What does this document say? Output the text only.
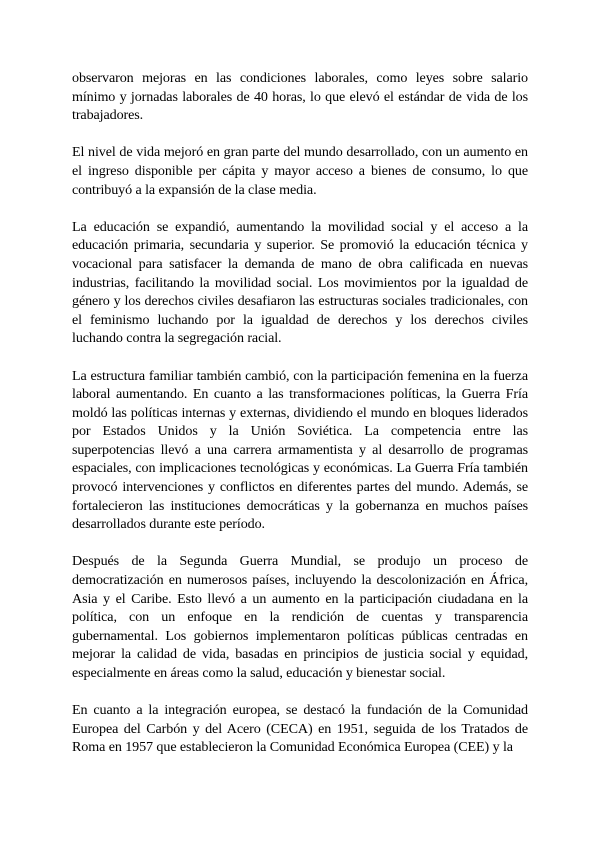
observaron mejoras en las condiciones laborales, como leyes sobre salario mínimo y jornadas laborales de 40 horas, lo que elevó el estándar de vida de los trabajadores.

El nivel de vida mejoró en gran parte del mundo desarrollado, con un aumento en el ingreso disponible per cápita y mayor acceso a bienes de consumo, lo que contribuyó a la expansión de la clase media.

La educación se expandió, aumentando la movilidad social y el acceso a la educación primaria, secundaria y superior. Se promovió la educación técnica y vocacional para satisfacer la demanda de mano de obra calificada en nuevas industrias, facilitando la movilidad social. Los movimientos por la igualdad de género y los derechos civiles desafiaron las estructuras sociales tradicionales, con el feminismo luchando por la igualdad de derechos y los derechos civiles luchando contra la segregación racial.

La estructura familiar también cambió, con la participación femenina en la fuerza laboral aumentando. En cuanto a las transformaciones políticas, la Guerra Fría moldó las políticas internas y externas, dividiendo el mundo en bloques liderados por Estados Unidos y la Unión Soviética. La competencia entre las superpotencias llevó a una carrera armamentista y al desarrollo de programas espaciales, con implicaciones tecnológicas y económicas. La Guerra Fría también provocó intervenciones y conflictos en diferentes partes del mundo. Además, se fortalecieron las instituciones democráticas y la gobernanza en muchos países desarrollados durante este período.

Después de la Segunda Guerra Mundial, se produjo un proceso de democratización en numerosos países, incluyendo la descolonización en África, Asia y el Caribe. Esto llevó a un aumento en la participación ciudadana en la política, con un enfoque en la rendición de cuentas y transparencia gubernamental. Los gobiernos implementaron políticas públicas centradas en mejorar la calidad de vida, basadas en principios de justicia social y equidad, especialmente en áreas como la salud, educación y bienestar social.

En cuanto a la integración europea, se destacó la fundación de la Comunidad Europea del Carbón y del Acero (CECA) en 1951, seguida de los Tratados de Roma en 1957 que establecieron la Comunidad Económica Europea (CEE) y la
